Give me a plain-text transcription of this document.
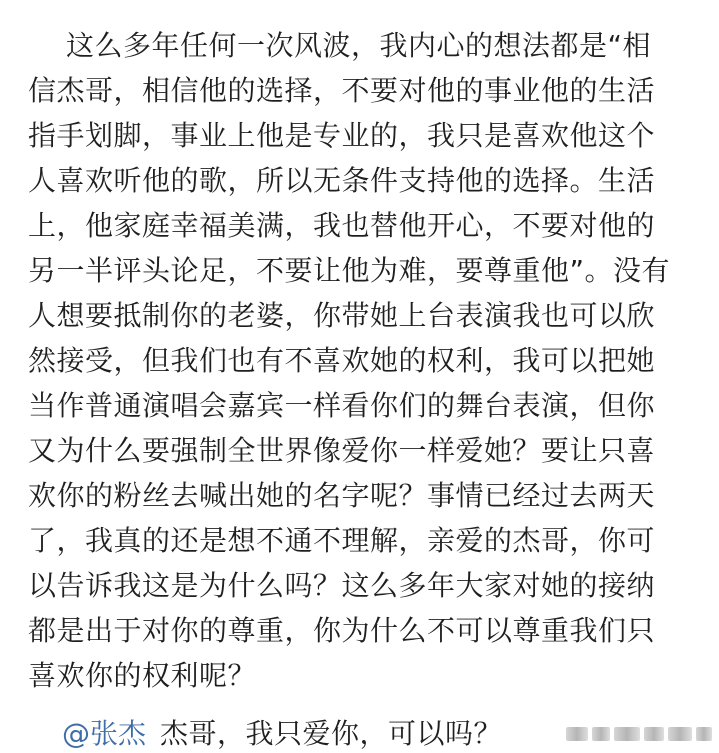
这么多年任何一次风波，我内心的想法都是“相
信杰哥，相信他的选择，不要对他的事业他的生活
指手划脚，事业上他是专业的，我只是喜欢他这个
人喜欢听他的歌，所以无条件支持他的选择。生活
上，他家庭幸福美满，我也替他开心，不要对他的
另一半评头论足，不要让他为难，要尊重他”。没有
人想要抵制你的老婆，你带她上台表演我也可以欣
然接受，但我们也有不喜欢她的权利，我可以把她
当作普通演唱会嘉宾一样看你们的舞台表演，但你
又为什么要强制全世界像爱你一样爱她？要让只喜
欢你的粉丝去喊出她的名字呢？事情已经过去两天
了，我真的还是想不通不理解，亲爱的杰哥，你可
以告诉我这是为什么吗？这么多年大家对她的接纳
都是出于对你的尊重，你为什么不可以尊重我们只
喜欢你的权利呢？
@张杰 杰哥，我只爱你，可以吗？
